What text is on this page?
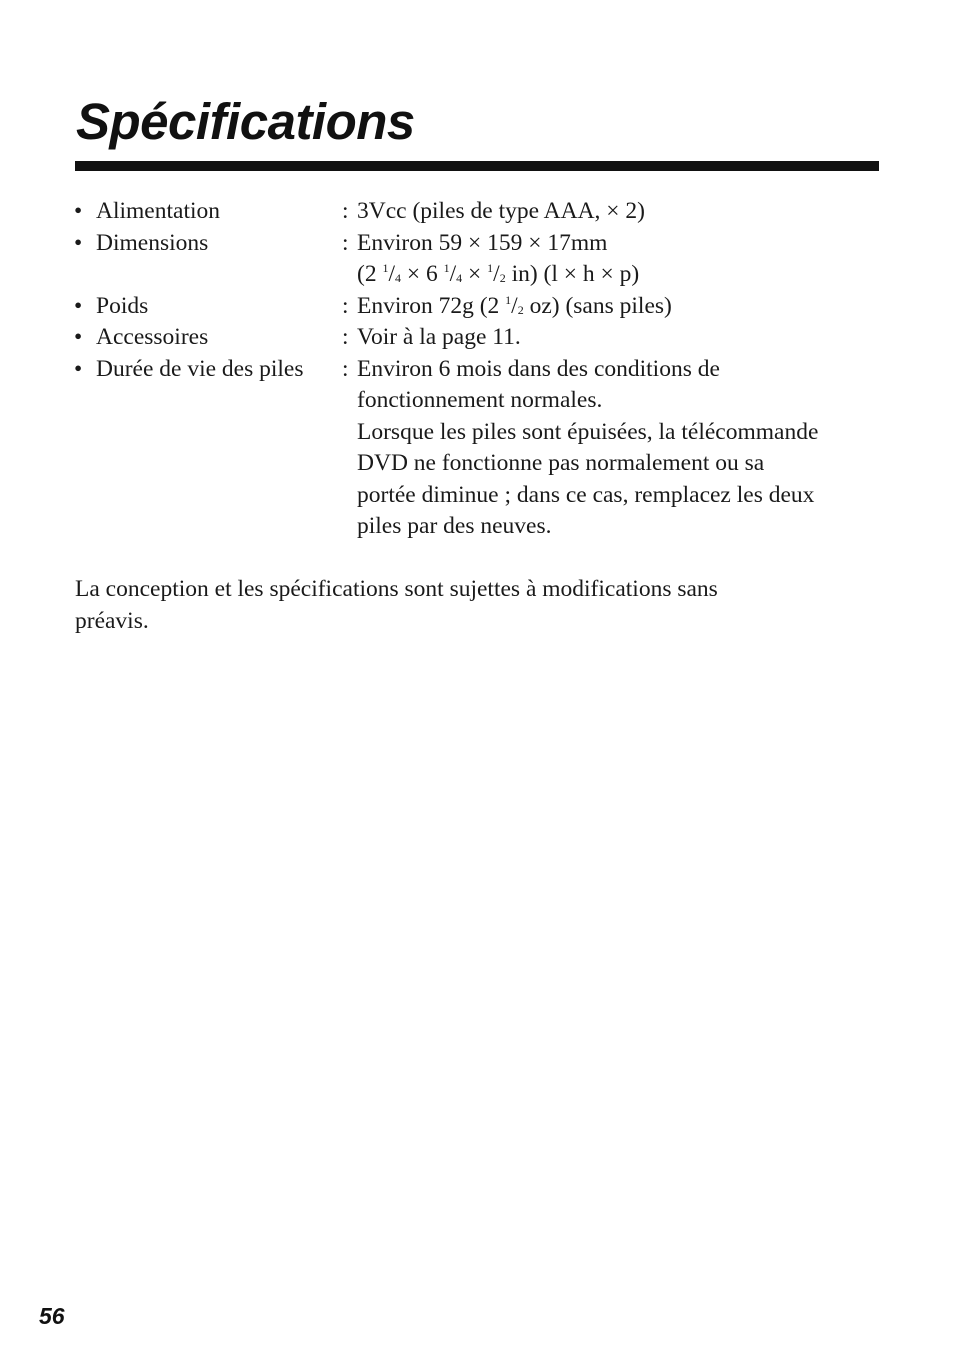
Spécifications
• Alimentation	: 3Vcc (piles de type AAA, × 2)
• Dimensions	: Environ 59 × 159 × 17mm
(2 $^1/_4 \times 6$ $^1/_4 \times ^1/_2$ in) (l × h × p)
• Poids	: Environ 72g (2 $^1/_2$ oz) (sans piles)
• Accessoires	: Voir à la page 11.
• Durée de vie des piles	: Environ 6 mois dans des conditions de
fonctionnement normales.
Lorsque les piles sont épuisées, la télécommande
DVD ne fonctionne pas normalement ou sa
portée diminue ; dans ce cas, remplacez les deux
piles par des neuves.

La conception et les spécifications sont sujettes à modifications sans
préavis.

56
